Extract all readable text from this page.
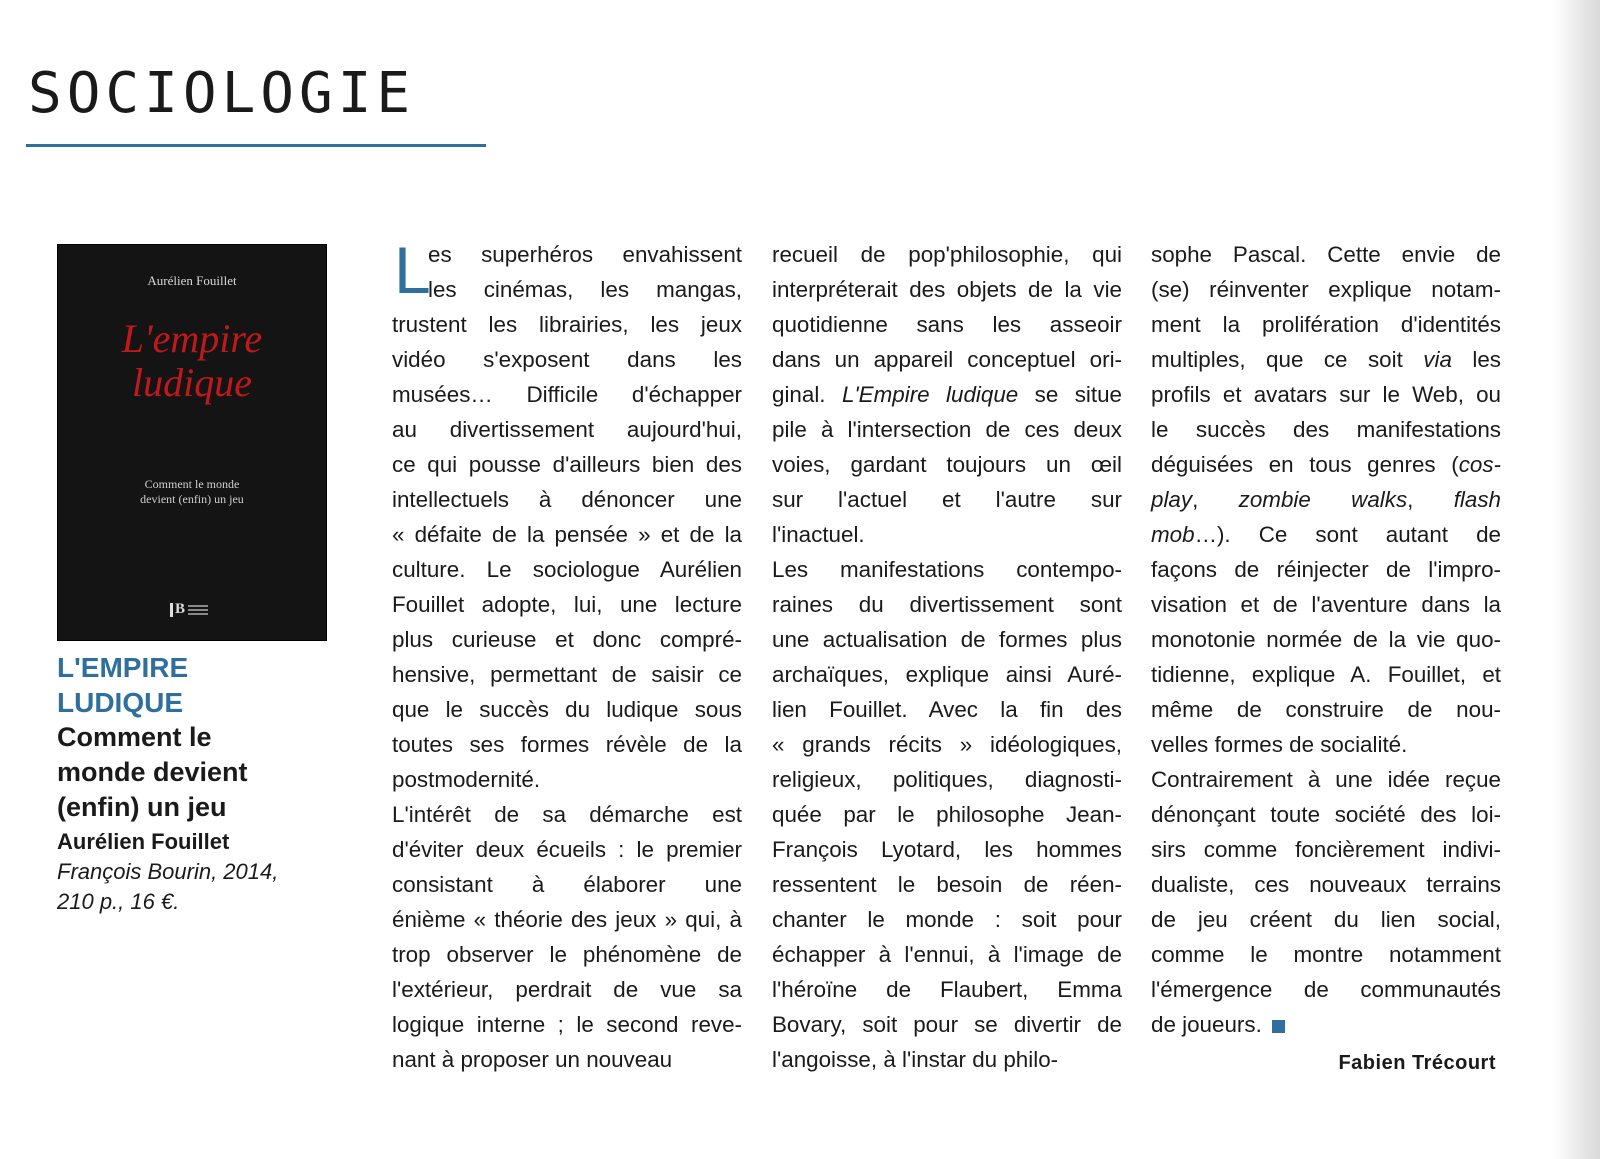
SOCIOLOGIE
Aurélien Fouillet
L'empire
ludique
Comment le monde
devient (enfin) un jeu
B
L'EMPIRE
LUDIQUE
Comment le
monde devient
(enfin) un jeu
Aurélien Fouillet
François Bourin, 2014,
210 p., 16 €.
L
es superhéros envahissent
les cinémas, les mangas,
trustent les librairies, les jeux
vidéo s'exposent dans les
musées… Difficile d'échapper
au divertissement aujourd'hui,
ce qui pousse d'ailleurs bien des
intellectuels à dénoncer une
« défaite de la pensée » et de la
culture. Le sociologue Aurélien
Fouillet adopte, lui, une lecture
plus curieuse et donc compré-
hensive, permettant de saisir ce
que le succès du ludique sous
toutes ses formes révèle de la
postmodernité.
L'intérêt de sa démarche est
d'éviter deux écueils : le premier
consistant à élaborer une
énième « théorie des jeux » qui, à
trop observer le phénomène de
l'extérieur, perdrait de vue sa
logique interne ; le second reve-
nant à proposer un nouveau
recueil de pop'philosophie, qui
interpréterait des objets de la vie
quotidienne sans les asseoir
dans un appareil conceptuel ori-
ginal. L'Empire ludique se situe
pile à l'intersection de ces deux
voies, gardant toujours un œil
sur l'actuel et l'autre sur
l'inactuel.
Les manifestations contempo-
raines du divertissement sont
une actualisation de formes plus
archaïques, explique ainsi Auré-
lien Fouillet. Avec la fin des
« grands récits » idéologiques,
religieux, politiques, diagnosti-
quée par le philosophe Jean-
François Lyotard, les hommes
ressentent le besoin de réen-
chanter le monde : soit pour
échapper à l'ennui, à l'image de
l'héroïne de Flaubert, Emma
Bovary, soit pour se divertir de
l'angoisse, à l'instar du philo-
sophe Pascal. Cette envie de
(se) réinventer explique notam-
ment la prolifération d'identités
multiples, que ce soit via les
profils et avatars sur le Web, ou
le succès des manifestations
déguisées en tous genres (cos-
play, zombie walks, flash
mob…). Ce sont autant de
façons de réinjecter de l'impro-
visation et de l'aventure dans la
monotonie normée de la vie quo-
tidienne, explique A. Fouillet, et
même de construire de nou-
velles formes de socialité.
Contrairement à une idée reçue
dénonçant toute société des loi-
sirs comme foncièrement indivi-
dualiste, ces nouveaux terrains
de jeu créent du lien social,
comme le montre notamment
l'émergence de communautés
de joueurs.
Fabien Trécourt
